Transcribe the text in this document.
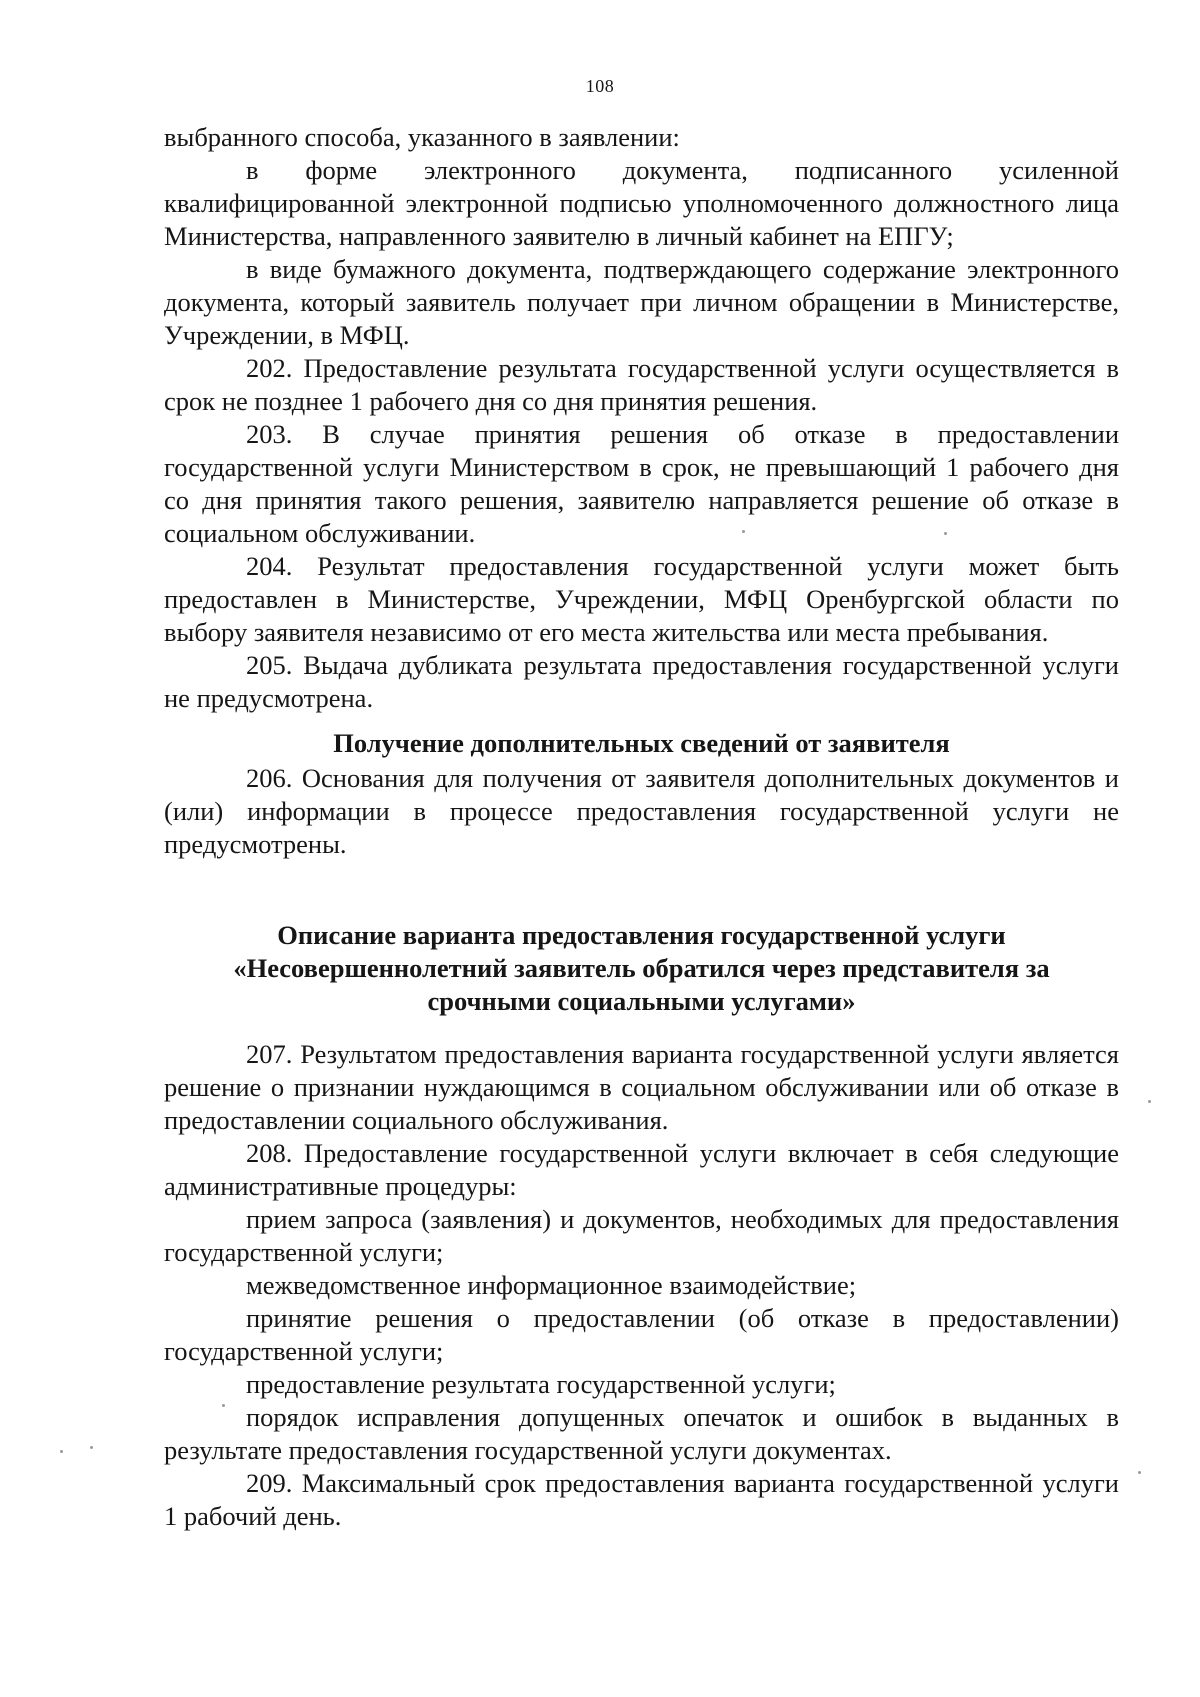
108

выбранного способа, указанного в заявлении:

в форме электронного документа, подписанного усиленной квалифицированной электронной подписью уполномоченного должностного лица Министерства, направленного заявителю в личный кабинет на ЕПГУ;

в виде бумажного документа, подтверждающего содержание электронного документа, который заявитель получает при личном обращении в Министерстве, Учреждении, в МФЦ.

202. Предоставление результата государственной услуги осуществляется в срок не позднее 1 рабочего дня со дня принятия решения.

203. В случае принятия решения об отказе в предоставлении государственной услуги Министерством в срок, не превышающий 1 рабочего дня со дня принятия такого решения, заявителю направляется решение об отказе в социальном обслуживании.

204. Результат предоставления государственной услуги может быть предоставлен в Министерстве, Учреждении, МФЦ Оренбургской области по выбору заявителя независимо от его места жительства или места пребывания.

205. Выдача дубликата результата предоставления государственной услуги не предусмотрена.

Получение дополнительных сведений от заявителя

206. Основания для получения от заявителя дополнительных документов и (или) информации в процессе предоставления государственной услуги не предусмотрены.

Описание варианта предоставления государственной услуги
«Несовершеннолетний заявитель обратился через представителя за
срочными социальными услугами»

207. Результатом предоставления варианта государственной услуги является решение о признании нуждающимся в социальном обслуживании или об отказе в предоставлении социального обслуживания.

208. Предоставление государственной услуги включает в себя следующие административные процедуры:

прием запроса (заявления) и документов, необходимых для предоставления государственной услуги;

межведомственное информационное взаимодействие;

принятие решения о предоставлении (об отказе в предоставлении) государственной услуги;

предоставление результата государственной услуги;

порядок исправления допущенных опечаток и ошибок в выданных в результате предоставления государственной услуги документах.

209. Максимальный срок предоставления варианта государственной услуги 1 рабочий день.
